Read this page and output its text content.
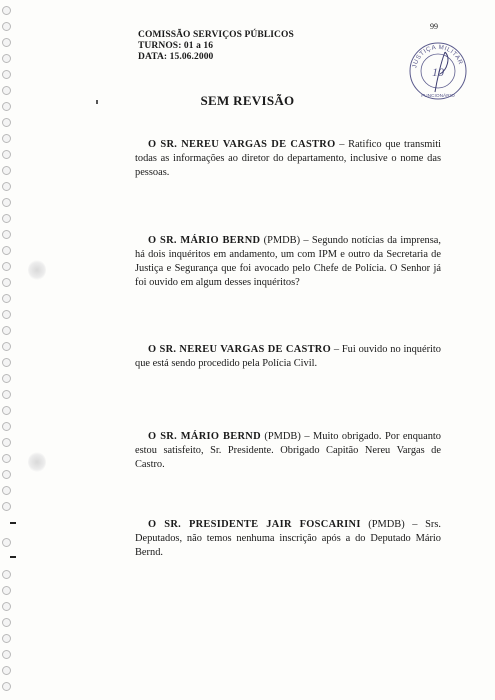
COMISSÃO SERVIÇOS PÚBLICOS
TURNOS: 01 a 16
DATA: 15.06.2000
99
JUSTIÇA MILITAR
10
FUNCIONÁRIO
SEM REVISÃO

O SR. NEREU VARGAS DE CASTRO – Ratifico que transmiti todas as informações ao diretor do departamento, inclusive o nome das pessoas.

O SR. MÁRIO BERND (PMDB) – Segundo notícias da imprensa, há dois inquéritos em andamento, um com IPM e outro da Secretaria de Justiça e Segurança que foi avocado pelo Chefe de Polícia. O Senhor já foi ouvido em algum desses inquéritos?

O SR. NEREU VARGAS DE CASTRO – Fui ouvido no inquérito que está sendo procedido pela Polícia Civil.

O SR. MÁRIO BERND (PMDB) – Muito obrigado. Por enquanto estou satisfeito, Sr. Presidente. Obrigado Capitão Nereu Vargas de Castro.

O SR. PRESIDENTE JAIR FOSCARINI (PMDB) – Srs. Deputados, não temos nenhuma inscrição após a do Deputado Mário Bernd.
